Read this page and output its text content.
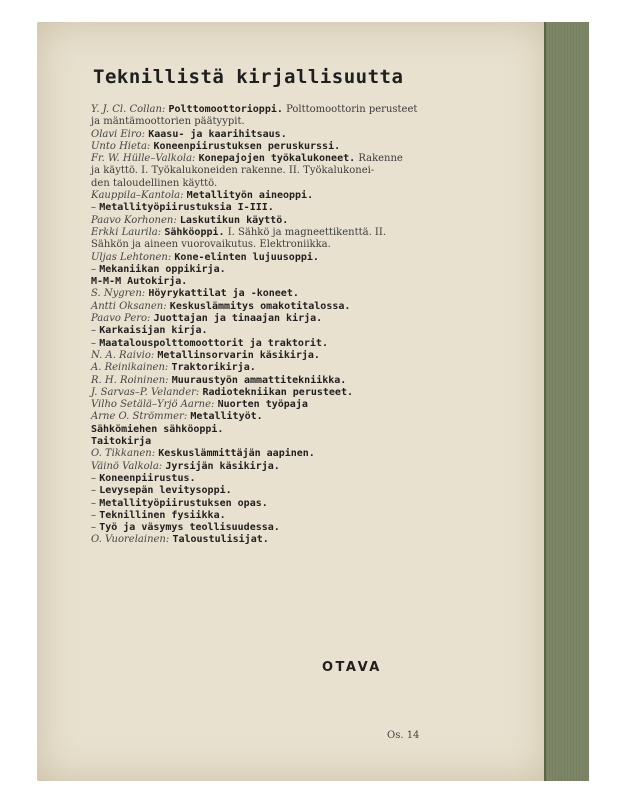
Teknillistä kirjallisuutta
Y. J. Cl. Collan: Polttomoottorioppi. Polttomoottorin perusteet
ja mäntämoottorien päätyypit.
Olavi Eiro: Kaasu- ja kaarihitsaus.
Unto Hieta: Koneenpiirustuksen peruskurssi.
Fr. W. Hülle–Valkola: Konepajojen työkalukoneet. Rakenne
ja käyttö. I. Työkalukoneiden rakenne. II. Työkalukonei-
den taloudellinen käyttö.
Kauppila–Kantola: Metallityön aineoppi.
– Metallityöpiirustuksia I-III.
Paavo Korhonen: Laskutikun käyttö.
Erkki Laurila: Sähköoppi. I. Sähkö ja magneettikenttä. II.
Sähkön ja aineen vuorovaikutus. Elektroniikka.
Uljas Lehtonen: Kone-elinten lujuusoppi.
– Mekaniikan oppikirja.
M-M-M Autokirja.
S. Nygren: Höyrykattilat ja -koneet.
Antti Oksanen: Keskuslämmitys omakotitalossa.
Paavo Pero: Juottajan ja tinaajan kirja.
– Karkaisijan kirja.
– Maatalouspolttomoottorit ja traktorit.
N. A. Raivio: Metallinsorvarin käsikirja.
A. Reinikainen: Traktorikirja.
R. H. Roininen: Muuraustyön ammattitekniikka.
J. Sarvas–P. Velander: Radiotekniikan perusteet.
Vilho Setälä–Yrjö Aarne: Nuorten työpaja
Arne O. Strömmer: Metallityöt.
Sähkömiehen sähköoppi.
Taitokirja
O. Tikkanen: Keskuslämmittäjän aapinen.
Väinö Valkola: Jyrsijän käsikirja.
– Koneenpiirustus.
– Levysepän levitysoppi.
– Metallityöpiirustuksen opas.
– Teknillinen fysiikka.
– Työ ja väsymys teollisuudessa.
O. Vuorelainen: Taloustulisijat.
OTAVA
Os. 14
